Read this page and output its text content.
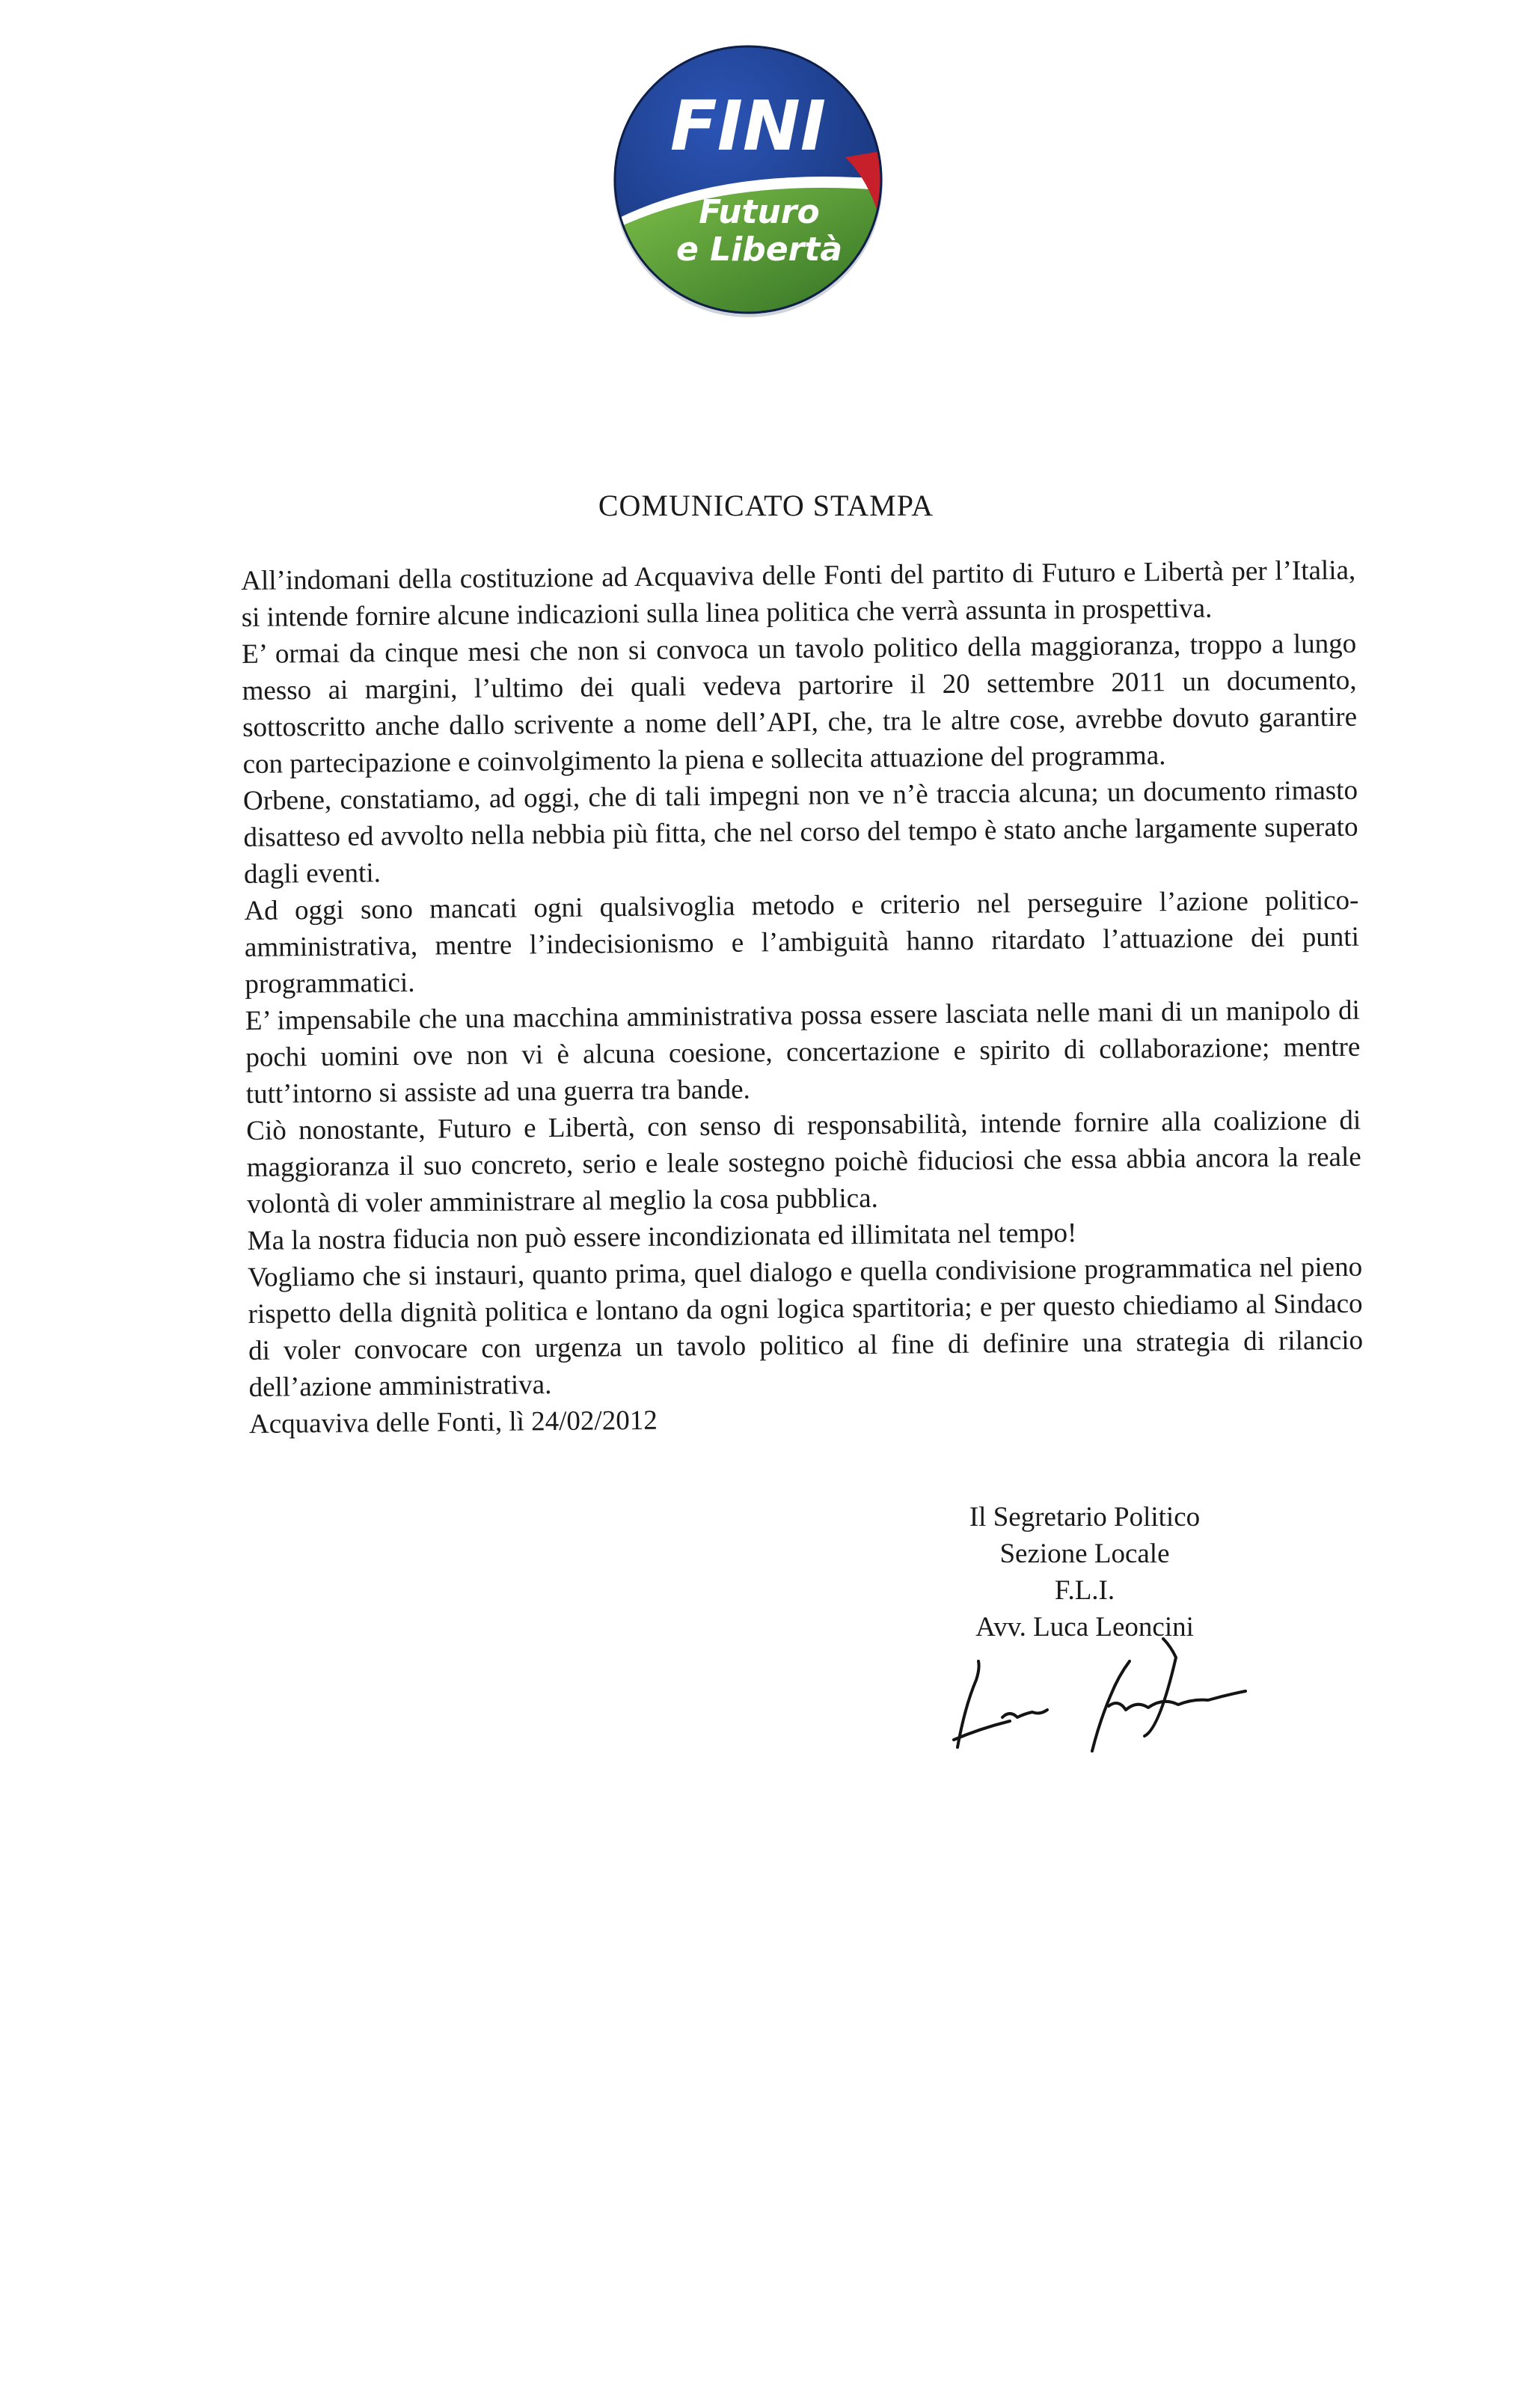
FINI
Futuro
e Libertà
COMUNICATO STAMPA

All’indomani della costituzione ad Acquaviva delle Fonti del partito di Futuro e Libertà per l’Italia, si intende fornire alcune indicazioni sulla linea politica che verrà assunta in prospettiva.

E’ ormai da cinque mesi che non si convoca un tavolo politico della maggioranza, troppo a lungo messo ai margini, l’ultimo dei quali vedeva partorire il 20 settembre 2011 un documento, sottoscritto anche dallo scrivente a nome dell’API, che, tra le altre cose, avrebbe dovuto garantire con partecipazione e coinvolgimento la piena e sollecita attuazione del programma.

Orbene, constatiamo, ad oggi, che di tali impegni non ve n’è traccia alcuna; un documento rimasto disatteso ed avvolto nella nebbia più fitta, che nel corso del tempo è stato anche largamente superato dagli eventi.

Ad oggi sono mancati ogni qualsivoglia metodo e criterio nel perseguire l’azione politico-amministrativa, mentre l’indecisionismo e l’ambiguità hanno ritardato l’attuazione dei punti programmatici.

E’ impensabile che una macchina amministrativa possa essere lasciata nelle mani di un manipolo di pochi uomini ove non vi è alcuna coesione, concertazione e spirito di collaborazione; mentre tutt’intorno si assiste ad una guerra tra bande.

Ciò nonostante, Futuro e Libertà, con senso di responsabilità, intende fornire alla coalizione di maggioranza il suo concreto, serio e leale sostegno poichè fiduciosi che essa abbia ancora la reale volontà di voler amministrare al meglio la cosa pubblica.

Ma la nostra fiducia non può essere incondizionata ed illimitata nel tempo!

Vogliamo che si instauri, quanto prima, quel dialogo e quella condivisione programmatica nel pieno rispetto della dignità politica e lontano da ogni logica spartitoria; e per questo chiediamo al Sindaco di voler convocare con urgenza un tavolo politico al fine di definire una strategia di rilancio dell’azione amministrativa.

Acquaviva delle Fonti, lì 24/02/2012

Il Segretario Politico
Sezione Locale
F.L.I.
Avv. Luca Leoncini
